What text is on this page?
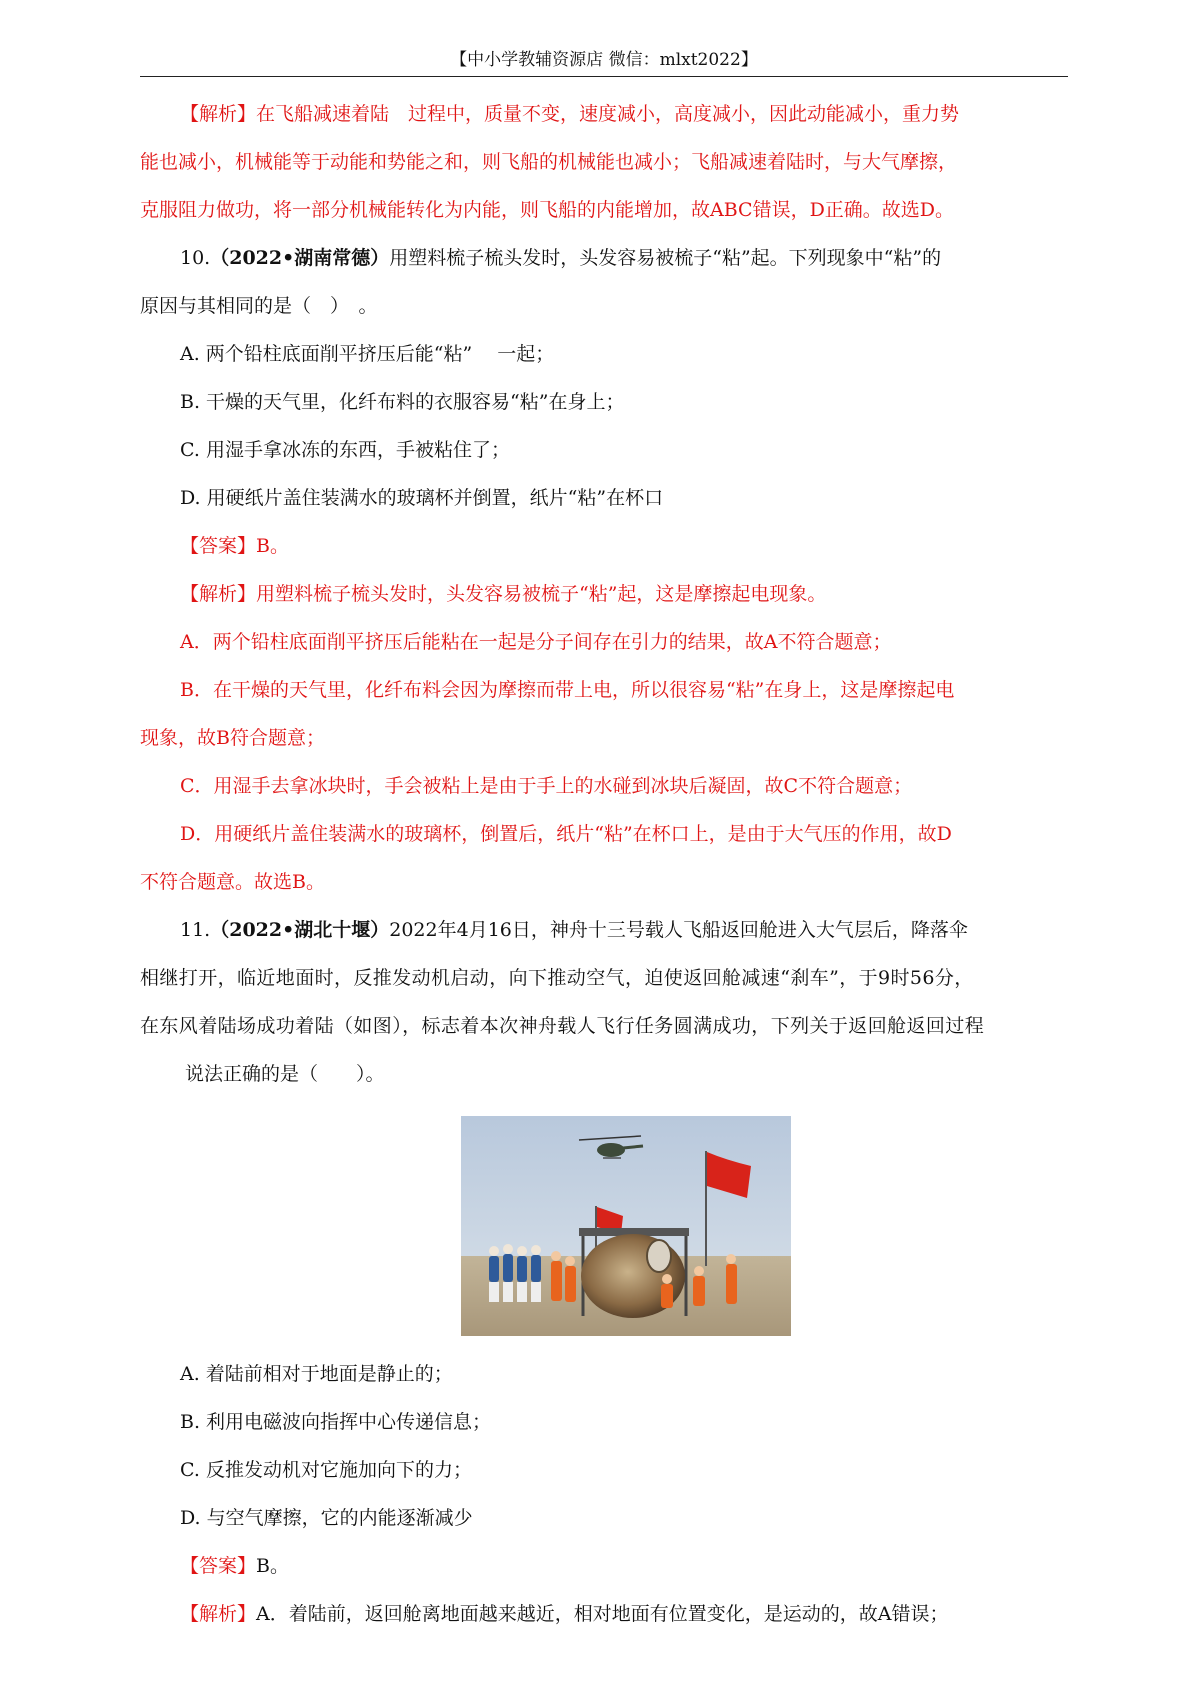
【中小学教辅资源店 微信：mlxt2022】
【解析】在飞船减速着陆　过程中，质量不变，速度减小，高度减小，因此动能减小，重力势
能也减小，机械能等于动能和势能之和，则飞船的机械能也减小；飞船减速着陆时，与大气摩擦，
克服阻力做功，将一部分机械能转化为内能，则飞船的内能增加，故ABC错误，D正确。故选D。
10.（2022•湖南常德）用塑料梳子梳头发时，头发容易被梳子“粘”起。下列现象中“粘”的
原因与其相同的是（　）　。
A. 两个铅柱底面削平挤压后能“粘”　 一起；
B. 干燥的天气里，化纤布料的衣服容易“粘”在身上；
C. 用湿手拿冰冻的东西，手被粘住了；
D. 用硬纸片盖住装满水的玻璃杯并倒置，纸片“粘”在杯口
【答案】B。
【解析】用塑料梳子梳头发时，头发容易被梳子“粘”起，这是摩擦起电现象。
A．两个铅柱底面削平挤压后能粘在一起是分子间存在引力的结果，故A不符合题意；
B．在干燥的天气里，化纤布料会因为摩擦而带上电，所以很容易“粘”在身上，这是摩擦起电
现象，故B符合题意；
C．用湿手去拿冰块时，手会被粘上是由于手上的水碰到冰块后凝固，故C不符合题意；
D．用硬纸片盖住装满水的玻璃杯，倒置后，纸片“粘”在杯口上，是由于大气压的作用，故D
不符合题意。故选B。
11.（2022•湖北十堰）2022年4月16日，神舟十三号载人飞船返回舱进入大气层后，降落伞
相继打开，临近地面时，反推发动机启动，向下推动空气，迫使返回舱减速“刹车”，于9时56分，
在东风着陆场成功着陆（如图），标志着本次神舟载人飞行任务圆满成功，下列关于返回舱返回过程
说法正确的是（　　）。
A. 着陆前相对于地面是静止的；
B. 利用电磁波向指挥中心传递信息；
C. 反推发动机对它施加向下的力；
D. 与空气摩擦，它的内能逐渐减少
【答案】B。
【解析】A．着陆前，返回舱离地面越来越近，相对地面有位置变化，是运动的，故A错误；
